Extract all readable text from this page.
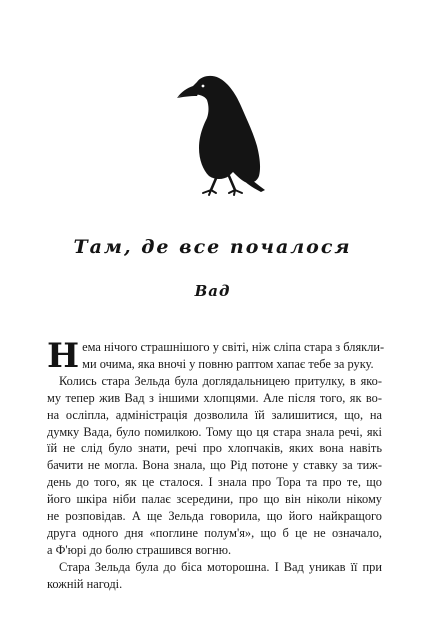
Там, де все почалося
Вад

Н ема нічого страшнішого у світі, ніж сліпа стара з блякли-
ми очима, яка вночі у повню раптом хапає тебе за руку.

Колись стара Зельда була доглядальницею притулку, в яко-

му тепер жив Вад з іншими хлопцями. Але після того, як во-
на осліпла, адміністрація дозволила їй залишитися, що, на
думку Вада, було помилкою. Тому що ця стара знала речі, які
їй не слід було знати, речі про хлопчаків, яких вона навіть
бачити не могла. Вона знала, що Рід потоне у ставку за тиж-
день до того, як це сталося. І знала про Тора та про те, що
його шкіра ніби палає зсередини, про що він ніколи нікому
не розповідав. А ще Зельда говорила, що його найкращого
друга одного дня «поглине полум'я», що б це не означало,
а Ф'юрі до болю страшився вогню.

Стара Зельда була до біса моторошна. І Вад уникав її при

кожній нагоді.
